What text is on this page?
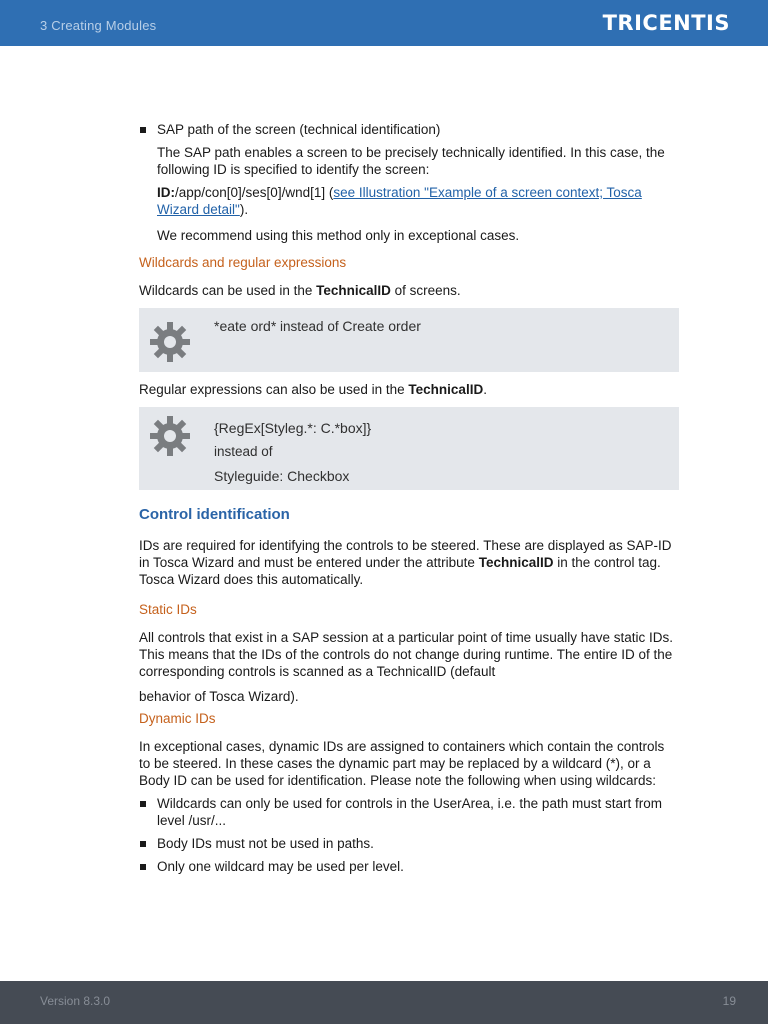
3 Creating Modules	TRICENTIS

SAP path of the screen (technical identification)

The SAP path enables a screen to be precisely technically identified. In this case, the following ID is specified to identify the screen:

ID:/app/con[0]/ses[0]/wnd[1] (see Illustration "Example of a screen context; Tosca Wizard detail").

We recommend using this method only in exceptional cases.

Wildcards and regular expressions

Wildcards can be used in the TechnicalID of screens.

*eate ord* instead of Create order

Regular expressions can also be used in the TechnicalID.

{RegEx[Styleg.*: C.*box]}
instead of
Styleguide: Checkbox
Control identification

IDs are required for identifying the controls to be steered. These are displayed as SAP-ID in Tosca Wizard and must be entered under the attribute TechnicalID in the control tag. Tosca Wizard does this automatically.

Static IDs

All controls that exist in a SAP session at a particular point of time usually have static IDs. This means that the IDs of the controls do not change during runtime. The entire ID of the corresponding controls is scanned as a TechnicalID (default

behavior of Tosca Wizard).

Dynamic IDs

In exceptional cases, dynamic IDs are assigned to containers which contain the controls to be steered. In these cases the dynamic part may be replaced by a wildcard (*), or a Body ID can be used for identification. Please note the following when using wildcards:

Wildcards can only be used for controls in the UserArea, i.e. the path must start from level /usr/...

Body IDs must not be used in paths.

Only one wildcard may be used per level.

Version 8.3.0	19
